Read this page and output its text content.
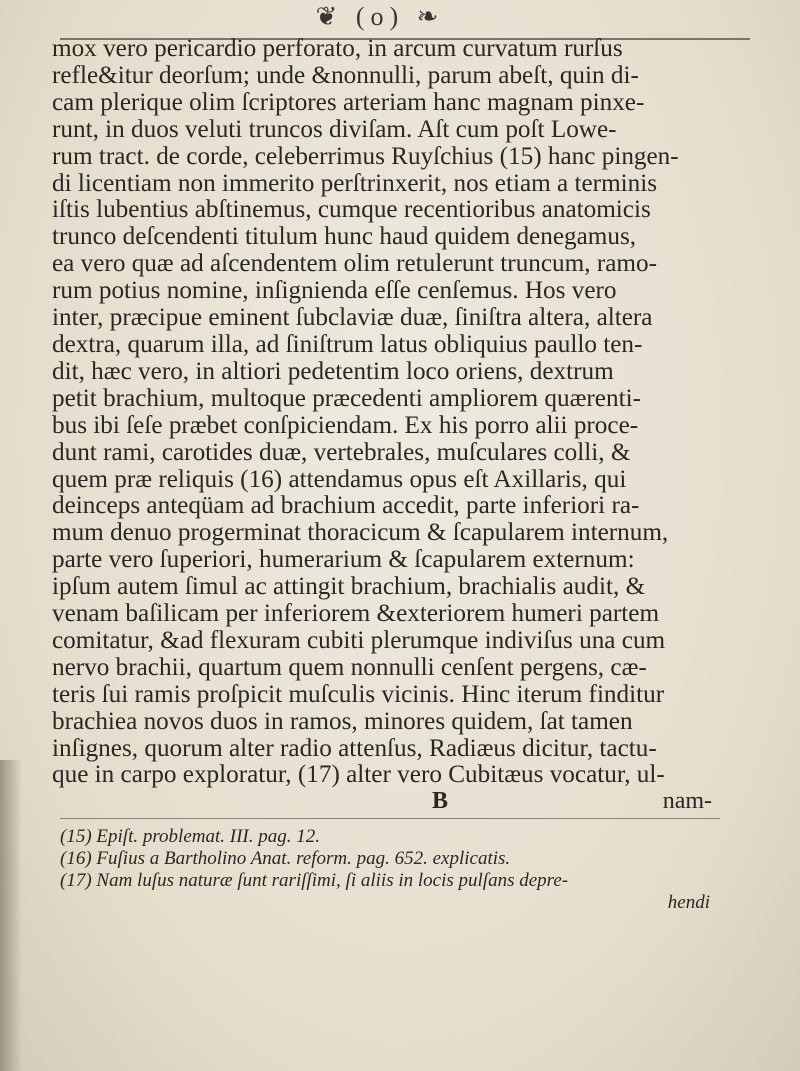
❦ (o) ❧
mox vero pericardio perforato, in arcum curvatum rurſus
refle&itur deorſum; unde &nonnulli, parum abeſt, quin di-
cam plerique olim ſcriptores arteriam hanc magnam pinxe-
runt, in duos veluti truncos diviſam. Aſt cum poſt Lowe-
rum tract. de corde, celeberrimus Ruyſchius (15) hanc pingen-
di licentiam non immerito perſtrinxerit, nos etiam a terminis
iſtis lubentius abſtinemus, cumque recentioribus anatomicis
trunco deſcendenti titulum hunc haud quidem denegamus,
ea vero quæ ad aſcendentem olim retulerunt truncum, ramo-
rum potius nomine, inſignienda eſſe cenſemus. Hos vero
inter, præcipue eminent ſubclaviæ duæ, ſiniſtra altera, altera
dextra, quarum illa, ad ſiniſtrum latus obliquius paullo ten-
dit, hæc vero, in altiori pedetentim loco oriens, dextrum
petit brachium, multoque præcedenti ampliorem quærenti-
bus ibi ſeſe præbet conſpiciendam. Ex his porro alii proce-
dunt rami, carotides duæ, vertebrales, muſculares colli, &
quem præ reliquis (16) attendamus opus eſt Axillaris, qui
deinceps anteqüam ad brachium accedit, parte inferiori ra-
mum denuo progerminat thoracicum & ſcapularem internum,
parte vero ſuperiori, humerarium & ſcapularem externum:
ipſum autem ſimul ac attingit brachium, brachialis audit, &
venam baſilicam per inferiorem &exteriorem humeri partem
comitatur, &ad flexuram cubiti plerumque indiviſus una cum
nervo brachii, quartum quem nonnulli cenſent pergens, cæ-
teris ſui ramis proſpicit muſculis vicinis. Hinc iterum finditur
brachiea novos duos in ramos, minores quidem, ſat tamen
inſignes, quorum alter radio attenſus, Radiæus dicitur, tactu-
que in carpo exploratur, (17) alter vero Cubitæus vocatur, ul-
B	nam-
(15) Epiſt. problemat. III. pag. 12.
(16) Fuſius a Bartholino Anat. reform. pag. 652. explicatis.
(17) Nam luſus naturæ ſunt rariſſimi, ſi aliis in locis pulſans depre-
hendi
